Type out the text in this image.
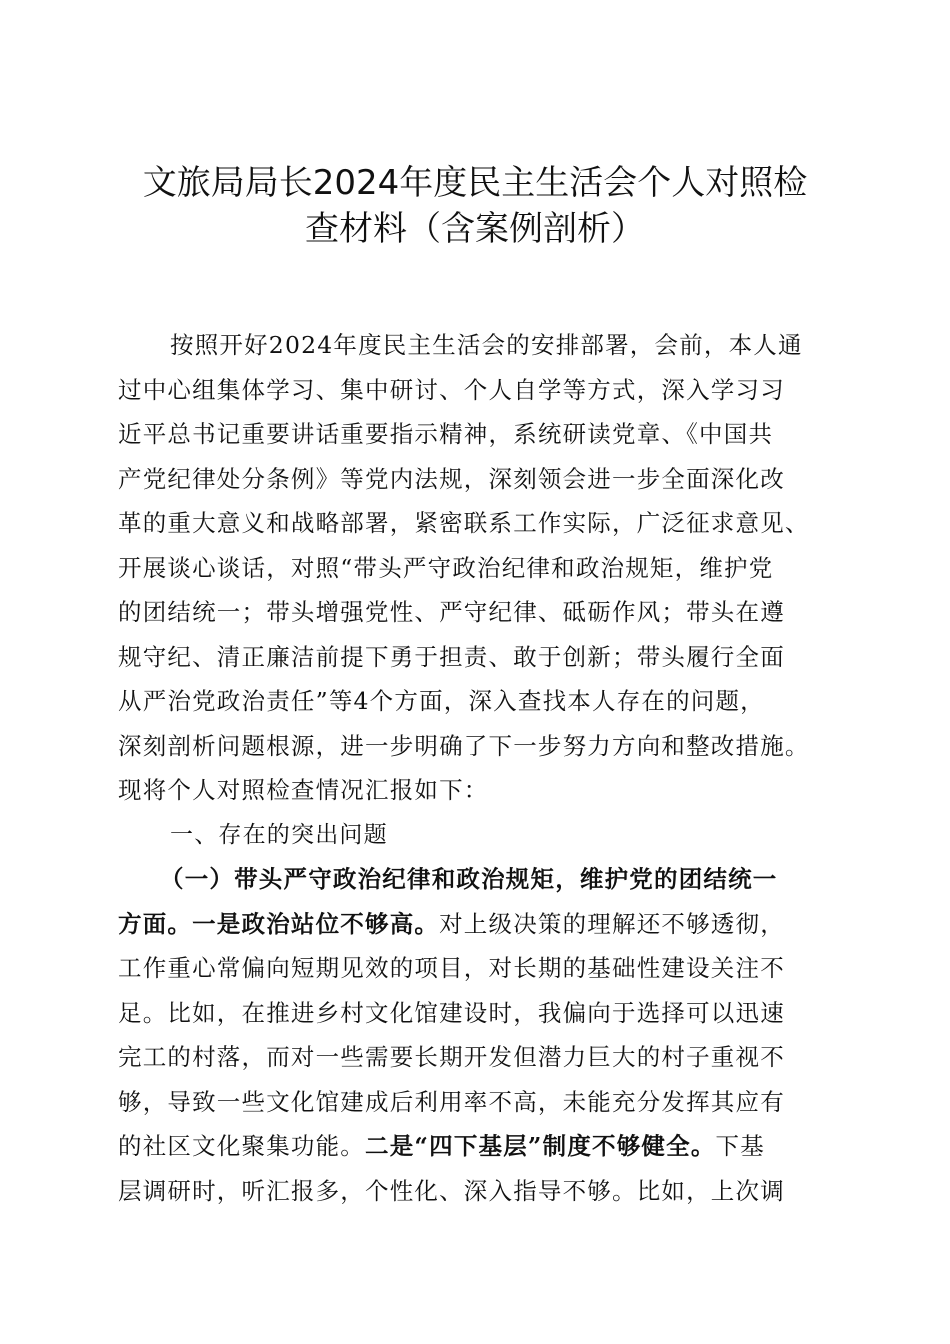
文旅局局长2024年度民主生活会个人对照检
查材料（含案例剖析）
按照开好2024年度民主生活会的安排部署，会前，本人通
过中心组集体学习、集中研讨、个人自学等方式，深入学习习
近平总书记重要讲话重要指示精神，系统研读党章、《中国共
产党纪律处分条例》等党内法规，深刻领会进一步全面深化改
革的重大意义和战略部署，紧密联系工作实际，广泛征求意见、
开展谈心谈话，对照“带头严守政治纪律和政治规矩，维护党
的团结统一；带头增强党性、严守纪律、砥砺作风；带头在遵
规守纪、清正廉洁前提下勇于担责、敢于创新；带头履行全面
从严治党政治责任”等4个方面，深入查找本人存在的问题，
深刻剖析问题根源，进一步明确了下一步努力方向和整改措施。
现将个人对照检查情况汇报如下：
一、存在的突出问题
（一）带头严守政治纪律和政治规矩，维护党的团结统一
方面。一是政治站位不够高。对上级决策的理解还不够透彻，
工作重心常偏向短期见效的项目，对长期的基础性建设关注不
足。比如，在推进乡村文化馆建设时，我偏向于选择可以迅速
完工的村落，而对一些需要长期开发但潜力巨大的村子重视不
够，导致一些文化馆建成后利用率不高，未能充分发挥其应有
的社区文化聚集功能。二是“四下基层”制度不够健全。下基
层调研时，听汇报多，个性化、深入指导不够。比如，上次调
